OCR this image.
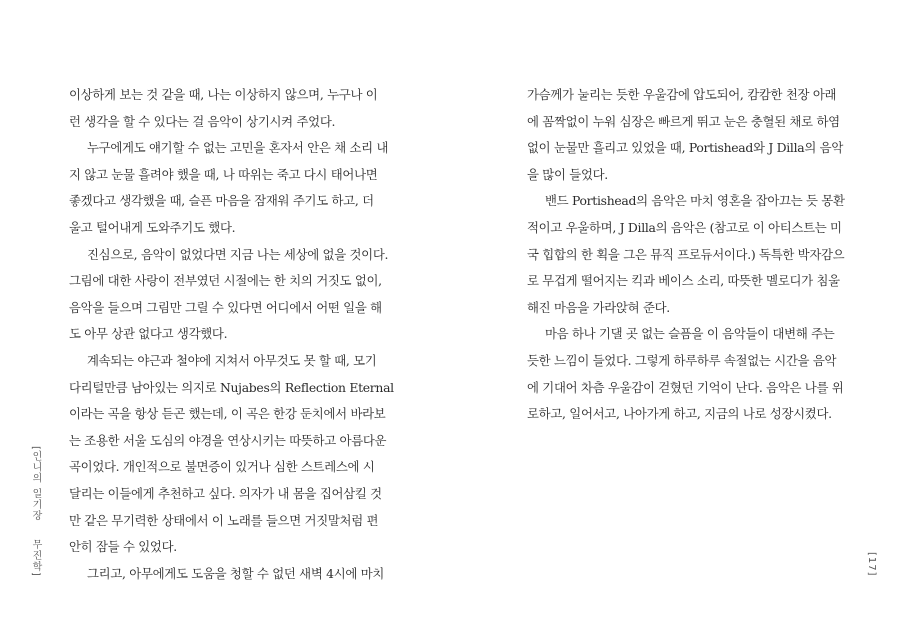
이상하게 보는 것 같을 때, 나는 이상하지 않으며, 누구나 이
런 생각을 할 수 있다는 걸 음악이 상기시켜 주었다.
누구에게도 얘기할 수 없는 고민을 혼자서 안은 채 소리 내
지 않고 눈물 흘려야 했을 때, 나 따위는 죽고 다시 태어나면
좋겠다고 생각했을 때, 슬픈 마음을 잠재워 주기도 하고, 더
울고 털어내게 도와주기도 했다.
진심으로, 음악이 없었다면 지금 나는 세상에 없을 것이다.
그림에 대한 사랑이 전부였던 시절에는 한 치의 거짓도 없이,
음악을 들으며 그림만 그릴 수 있다면 어디에서 어떤 일을 해
도 아무 상관 없다고 생각했다.
계속되는 야근과 철야에 지쳐서 아무것도 못 할 때, 모기
다리털만큼 남아있는 의지로 Nujabes의 Reflection Eternal
이라는 곡을 항상 듣곤 했는데, 이 곡은 한강 둔치에서 바라보
는 조용한 서울 도심의 야경을 연상시키는 따뜻하고 아름다운
곡이었다. 개인적으로 불면증이 있거나 심한 스트레스에 시
달리는 이들에게 추천하고 싶다. 의자가 내 몸을 집어삼킬 것
만 같은 무기력한 상태에서 이 노래를 들으면 거짓말처럼 편
안히 잠들 수 있었다.
그리고, 아무에게도 도움을 청할 수 없던 새벽 4시에 마치
가슴께가 눌리는 듯한 우울감에 압도되어, 캄캄한 천장 아래
에 꼼짝없이 누워 심장은 빠르게 뛰고 눈은 충혈된 채로 하염
없이 눈물만 흘리고 있었을 때, Portishead와 J Dilla의 음악
을 많이 들었다.
밴드 Portishead의 음악은 마치 영혼을 잡아끄는 듯 몽환
적이고 우울하며, J Dilla의 음악은 (참고로 이 아티스트는 미
국 힙합의 한 획을 그은 뮤직 프로듀서이다.) 독특한 박자감으
로 무겁게 떨어지는 킥과 베이스 소리, 따뜻한 멜로디가 침울
해진 마음을 가라앉혀 준다.
마음 하나 기댈 곳 없는 슬픔을 이 음악들이 대변해 주는
듯한 느낌이 들었다. 그렇게 하루하루 속절없는 시간을 음악
에 기대어 차츰 우울감이 걷혔던 기억이 난다. 음악은 나를 위
로하고, 일어서고, 나아가게 하고, 지금의 나로 성장시켰다.
[인니의 일기장
무진학]	[17]
